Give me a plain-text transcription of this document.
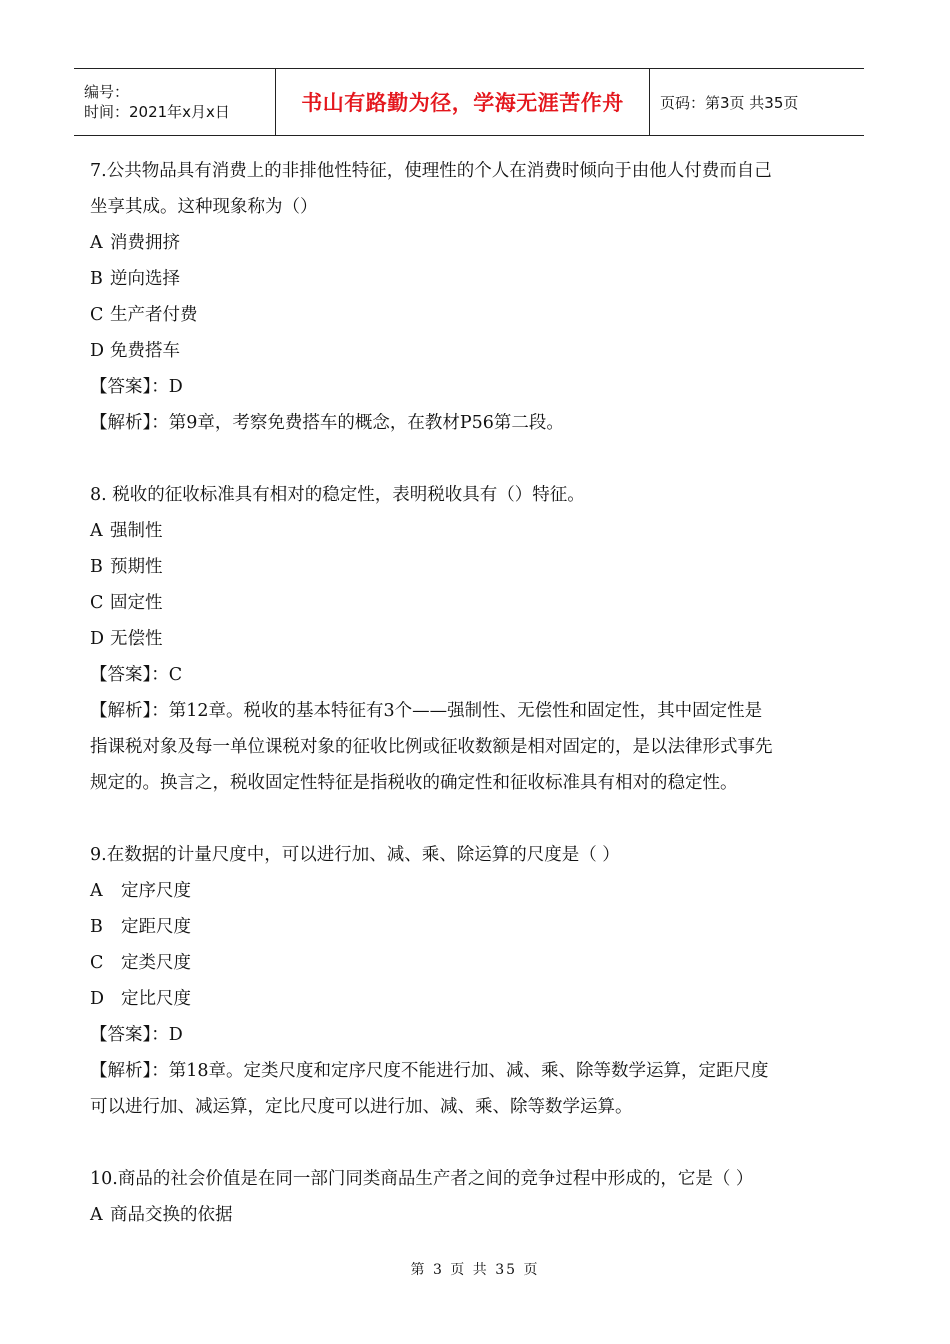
编号：
时间：2021年x月x日	书山有路勤为径，学海无涯苦作舟 页码：第3页 共35页
7.公共物品具有消费上的非排他性特征，使理性的个人在消费时倾向于由他人付费而自己
坐享其成。这种现象称为（）
A 消费拥挤
B 逆向选择
C 生产者付费
D 免费搭车
【答案】：D
【解析】：第9章，考察免费搭车的概念，在教材P56第二段。
8. 税收的征收标准具有相对的稳定性，表明税收具有（）特征。
A 强制性
B 预期性
C 固定性
D 无偿性
【答案】：C
【解析】：第12章。税收的基本特征有3个——强制性、无偿性和固定性，其中固定性是
指课税对象及每一单位课税对象的征收比例或征收数额是相对固定的，是以法律形式事先
规定的。换言之，税收固定性特征是指税收的确定性和征收标准具有相对的稳定性。
9.在数据的计量尺度中，可以进行加、减、乘、除运算的尺度是（ ）
A 定序尺度
B 定距尺度
C 定类尺度
D 定比尺度
【答案】：D
【解析】：第18章。定类尺度和定序尺度不能进行加、减、乘、除等数学运算，定距尺度
可以进行加、减运算，定比尺度可以进行加、减、乘、除等数学运算。
10.商品的社会价值是在同一部门同类商品生产者之间的竞争过程中形成的，它是（ ）
A 商品交换的依据
第 3 页 共 35 页
